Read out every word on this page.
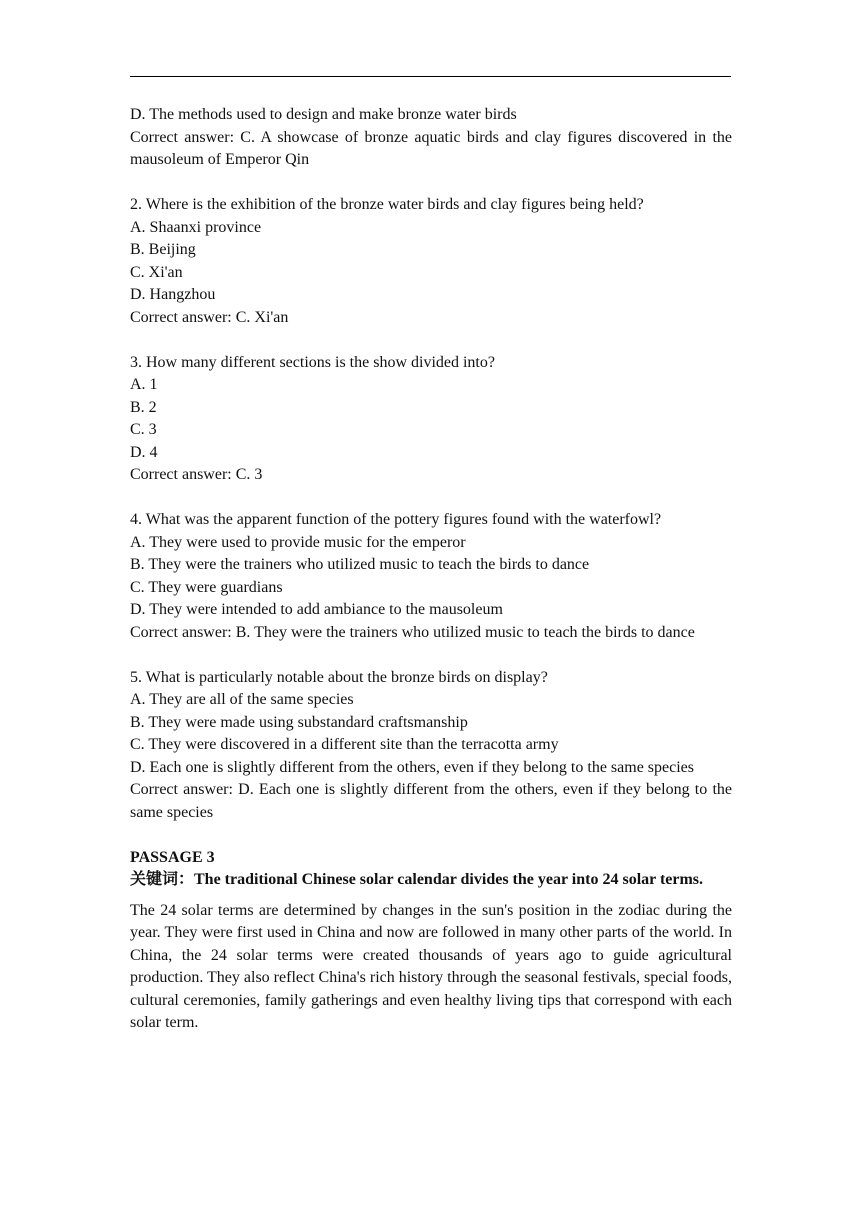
D. The methods used to design and make bronze water birds
Correct answer: C. A showcase of bronze aquatic birds and clay figures discovered in the mausoleum of Emperor Qin
2. Where is the exhibition of the bronze water birds and clay figures being held?
A. Shaanxi province
B. Beijing
C. Xi'an
D. Hangzhou
Correct answer: C. Xi'an
3. How many different sections is the show divided into?
A. 1
B. 2
C. 3
D. 4
Correct answer: C. 3
4. What was the apparent function of the pottery figures found with the waterfowl?
A. They were used to provide music for the emperor
B. They were the trainers who utilized music to teach the birds to dance
C. They were guardians
D. They were intended to add ambiance to the mausoleum
Correct answer: B. They were the trainers who utilized music to teach the birds to dance
5. What is particularly notable about the bronze birds on display?
A. They are all of the same species
B. They were made using substandard craftsmanship
C. They were discovered in a different site than the terracotta army
D. Each one is slightly different from the others, even if they belong to the same species
Correct answer: D. Each one is slightly different from the others, even if they belong to the same species
PASSAGE 3
关键词：The traditional Chinese solar calendar divides the year into 24 solar terms.

The 24 solar terms are determined by changes in the sun's position in the zodiac during the year. They were first used in China and now are followed in many other parts of the world. In China, the 24 solar terms were created thousands of years ago to guide agricultural production. They also reflect China's rich history through the seasonal festivals, special foods, cultural ceremonies, family gatherings and even healthy living tips that correspond with each solar term.
